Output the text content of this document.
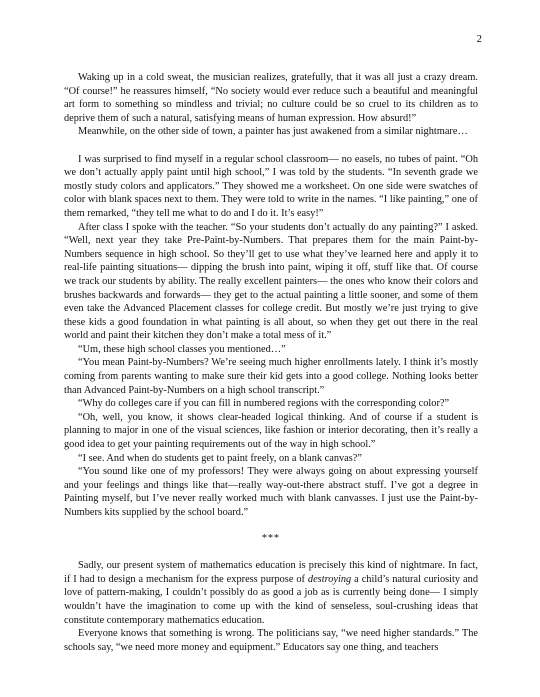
2

Waking up in a cold sweat, the musician realizes, gratefully, that it was all just a crazy dream. “Of course!” he reassures himself, “No society would ever reduce such a beautiful and meaningful art form to something so mindless and trivial; no culture could be so cruel to its children as to deprive them of such a natural, satisfying means of human expression. How absurd!”

Meanwhile, on the other side of town, a painter has just awakened from a similar nightmare…

I was surprised to find myself in a regular school classroom— no easels, no tubes of paint. “Oh we don’t actually apply paint until high school,” I was told by the students. “In seventh grade we mostly study colors and applicators.” They showed me a worksheet. On one side were swatches of color with blank spaces next to them. They were told to write in the names. “I like painting,” one of them remarked, “they tell me what to do and I do it. It’s easy!”

After class I spoke with the teacher. “So your students don’t actually do any painting?” I asked. “Well, next year they take Pre-Paint-by-Numbers. That prepares them for the main Paint-by-Numbers sequence in high school. So they’ll get to use what they’ve learned here and apply it to real-life painting situations— dipping the brush into paint, wiping it off, stuff like that. Of course we track our students by ability. The really excellent painters— the ones who know their colors and brushes backwards and forwards— they get to the actual painting a little sooner, and some of them even take the Advanced Placement classes for college credit. But mostly we’re just trying to give these kids a good foundation in what painting is all about, so when they get out there in the real world and paint their kitchen they don’t make a total mess of it.”

“Um, these high school classes you mentioned…”

“You mean Paint-by-Numbers? We’re seeing much higher enrollments lately. I think it’s mostly coming from parents wanting to make sure their kid gets into a good college. Nothing looks better than Advanced Paint-by-Numbers on a high school transcript.”

“Why do colleges care if you can fill in numbered regions with the corresponding color?”

“Oh, well, you know, it shows clear-headed logical thinking. And of course if a student is planning to major in one of the visual sciences, like fashion or interior decorating, then it’s really a good idea to get your painting requirements out of the way in high school.”

“I see. And when do students get to paint freely, on a blank canvas?”

“You sound like one of my professors! They were always going on about expressing yourself and your feelings and things like that—really way-out-there abstract stuff. I’ve got a degree in Painting myself, but I’ve never really worked much with blank canvasses. I just use the Paint-by-Numbers kits supplied by the school board.”

***

Sadly, our present system of mathematics education is precisely this kind of nightmare. In fact, if I had to design a mechanism for the express purpose of destroying a child’s natural curiosity and love of pattern-making, I couldn’t possibly do as good a job as is currently being done— I simply wouldn’t have the imagination to come up with the kind of senseless, soul-crushing ideas that constitute contemporary mathematics education.

Everyone knows that something is wrong. The politicians say, “we need higher standards.” The schools say, “we need more money and equipment.” Educators say one thing, and teachers
